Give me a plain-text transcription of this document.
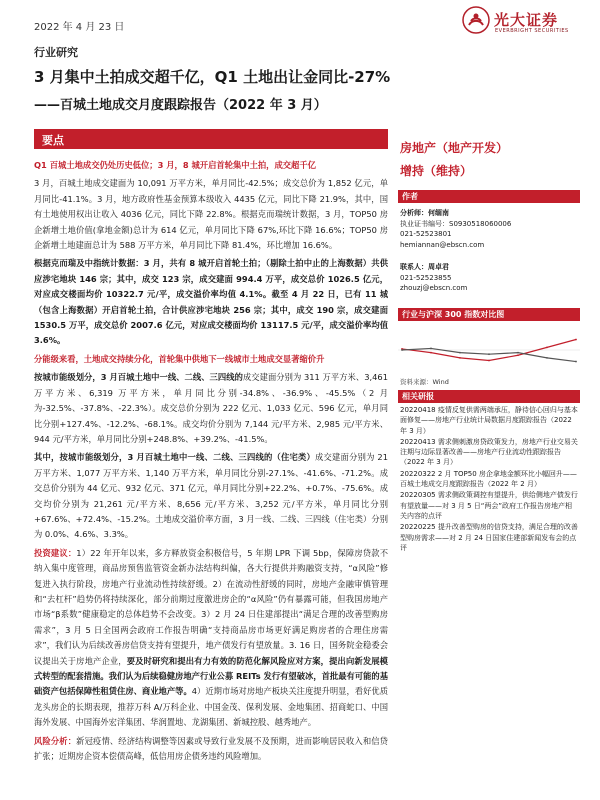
2022 年 4 月 23 日	光大证券
EVERBRIGHT SECURITIES
行业研究
3 月集中土拍成交超千亿，Q1 土地出让金同比-27%
——百城土地成交月度跟踪报告（2022 年 3 月）
要点

Q1 百城土地成交仍处历史低位；3 月，8 城开启首轮集中土拍，成交超千亿

3 月，百城土地成交建面为 10,091 万平方米，单月同比-42.5%；成交总价为 1,852 亿元，单月同比-41.1%。3 月，地方政府性基金预算本级收入 4435 亿元，同比下降 21.9%，其中，国有土地使用权出让收入 4036 亿元，同比下降 22.8%。根据克而瑞统计数据，3 月，TOP50 房企新增土地价值(拿地金额)总计为 614 亿元，单月同比下降 67%,环比下降 16.6%；TOP50 房企新增土地建面总计为 588 万平方米，单月同比下降 81.4%，环比增加 16.6%。

根据克而瑞及中指统计数据：3 月，共有 8 城开启首轮土拍；（剔除土拍中止的上海数据）共供应涉宅地块 146 宗；其中，成交 123 宗，成交建面 994.4 万平，成交总价 1026.5 亿元，对应成交楼面均价 10322.7 元/平，成交溢价率均值 4.1%。截至 4 月 22 日，已有 11 城（包含上海数据）开启首轮土拍，合计供应涉宅地块 256 宗；其中，成交 190 宗，成交建面 1530.5 万平，成交总价 2007.6 亿元，对应成交楼面均价 13117.5 元/平，成交溢价率均值 3.6%。

分能级来看，土地成交持续分化，首轮集中供地下一线城市土地成交显著缩价升

按城市能级划分，3 月百城土地中一线、二线、三四线的成交建面分别为 311 万平方米、3,461 万平方米、6,319 万平方米，单月同比分别-34.8%、-36.9%、-45.5%（2 月为-32.5%、-37.8%、-22.3%）。成交总价分别为 222 亿元、1,033 亿元、596 亿元，单月同比分别+127.4%、-12.2%、-68.1%。成交均价分别为 7,144 元/平方米、2,985 元/平方米、944 元/平方米，单月同比分别+248.8%、+39.2%、-41.5%。

其中，按城市能级划分，3 月百城土地中一线、二线、三四线的（住宅类）成交建面分别为 21 万平方米、1,077 万平方米、1,140 万平方米，单月同比分别-27.1%、-41.6%、-71.2%。成交总价分别为 44 亿元、932 亿元、371 亿元，单月同比分别+22.2%、+0.7%、-75.6%。成交均价分别为 21,261 元/平方米、8,656 元/平方米、3,252 元/平方米，单月同比分别+67.6%、+72.4%、-15.2%。土地成交溢价率方面，3 月一线、二线、三四线（住宅类）分别为 0.0%、4.6%、3.3%。

投资建议：1）22 年开年以来，多方释放资金积极信号，5 年期 LPR 下调 5bp，保障房贷款不纳入集中度管理，商品房预售监管资金新办法结构纠偏，各大行提供并购融资支持，“α风险”修复进入执行阶段，房地产行业流动性持续舒缓。2）在流动性舒缓的同时，房地产金融审慎管理和“去杠杆”趋势仍将持续深化，部分前期过度激进房企的“α风险”仍有暴露可能，但我国房地产市场“β系数”健康稳定的总体趋势不会改变。3）2 月 24 日住建部提出“满足合理的改善型购房需求”，3 月 5 日全国两会政府工作报告明确“支持商品房市场更好满足购房者的合理住房需求”，我们认为后续改善房信贷支持有望提升，地产债发行有望放量。3. 16 日，国务院金稳委会议提出关于房地产企业，要及时研究和提出有力有效的防范化解风险应对方案，提出向新发展模式转型的配套措施。我们认为后续稳健房地产行业公募 REITs 发行有望破冰，首批最有可能的基础资产包括保障性租赁住房、商业地产等。4）近期市场对房地产板块关注度提升明显，看好优质龙头房企的长期表现，推荐万科 A/万科企业、中国金茂、保利发展、金地集团、招商蛇口、中国海外发展、中国海外宏洋集团、华润置地、龙湖集团、新城控股、越秀地产。

风险分析：新冠疫情、经济结构调整等因素或导致行业发展不及预期，进而影响居民收入和信贷扩张；近期房企资本偿债高峰，低信用房企债务违约风险增加。

房地产（地产开发）
增持（维持）
作者
分析师：何缅南
执业证书编号：S0930518060006
021-52523801
hemiannan@ebscn.com
联系人：周卓君
021-52523855
zhouzj@ebscn.com
行业与沪深 300 指数对比图
资料来源：Wind
相关研报
20220418 疫情反复供需两端承压，静待信心回归与基本面修复——房地产行业统计局数据月度跟踪报告（2022 年 3 月）
20220413 需求侧刺激房贷政策发力，房地产行业交易关注期与边际显著改善——房地产行业流动性跟踪报告（2022 年 3 月）
20220322 2 月 TOP50 房企拿地金额环比小幅回升——百城土地成交月度跟踪报告（2022 年 2 月）
20220305 需求侧政策调控有望提升，供给侧地产债发行有望放量——对 3 月 5 日“两会”政府工作报告房地产相关内容的点评
20220225 提升改善型购房的信贷支持，满足合理的改善型购房需求——对 2 月 24 日国家住建部新闻发布会的点评
